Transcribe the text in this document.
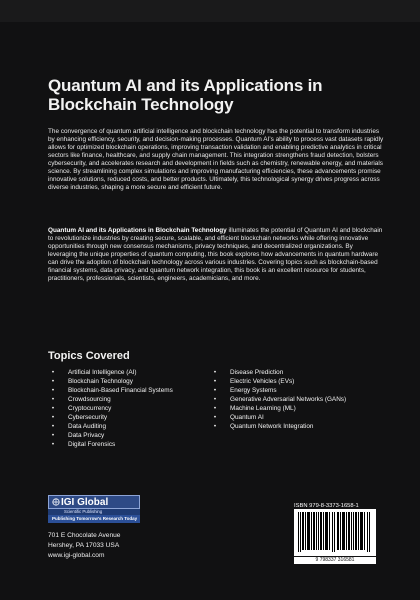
Quantum AI and its Applications in Blockchain Technology
The convergence of quantum artificial intelligence and blockchain technology has the potential to transform industries by enhancing efficiency, security, and decision-making processes. Quantum AI’s ability to process vast datasets rapidly allows for optimized blockchain operations, improving transaction validation and enabling predictive analytics in critical sectors like finance, healthcare, and supply chain management. This integration strengthens fraud detection, bolsters cybersecurity, and accelerates research and development in fields such as chemistry, renewable energy, and materials science. By streamlining complex simulations and improving manufacturing efficiencies, these advancements promise innovative solutions, reduced costs, and better products. Ultimately, this technological synergy drives progress across diverse industries, shaping a more secure and efficient future.
Quantum AI and its Applications in Blockchain Technology illuminates the potential of Quantum AI and blockchain to revolutionize industries by creating secure, scalable, and efficient blockchain networks while offering innovative opportunities through new consensus mechanisms, privacy techniques, and decentralized organizations. By leveraging the unique properties of quantum computing, this book explores how advancements in quantum hardware can drive the adoption of blockchain technology across various industries. Covering topics such as blockchain-based financial systems, data privacy, and quantum network integration, this book is an excellent resource for students, practitioners, professionals, scientists, engineers, academicians, and more.
Topics Covered
•	Artificial Intelligence (AI)
•	Blockchain Technology
•	Blockchain-Based Financial Systems
•	Crowdsourcing
•	Cryptocurrency
•	Cybersecurity
•	Data Auditing
•	Data Privacy
•	Digital Forensics
•	Disease Prediction
•	Electric Vehicles (EVs)
•	Energy Systems
•	Generative Adversarial Networks (GANs)
•	Machine Learning (ML)
•	Quantum AI
•	Quantum Network Integration
IGI Global
Scientific Publishing
Publishing Tomorrow's Research Today
701 E Chocolate Avenue
Hershey, PA 17033 USA
www.igi-global.com
ISBN 979-8-3373-1658-1
9 798337 316581
